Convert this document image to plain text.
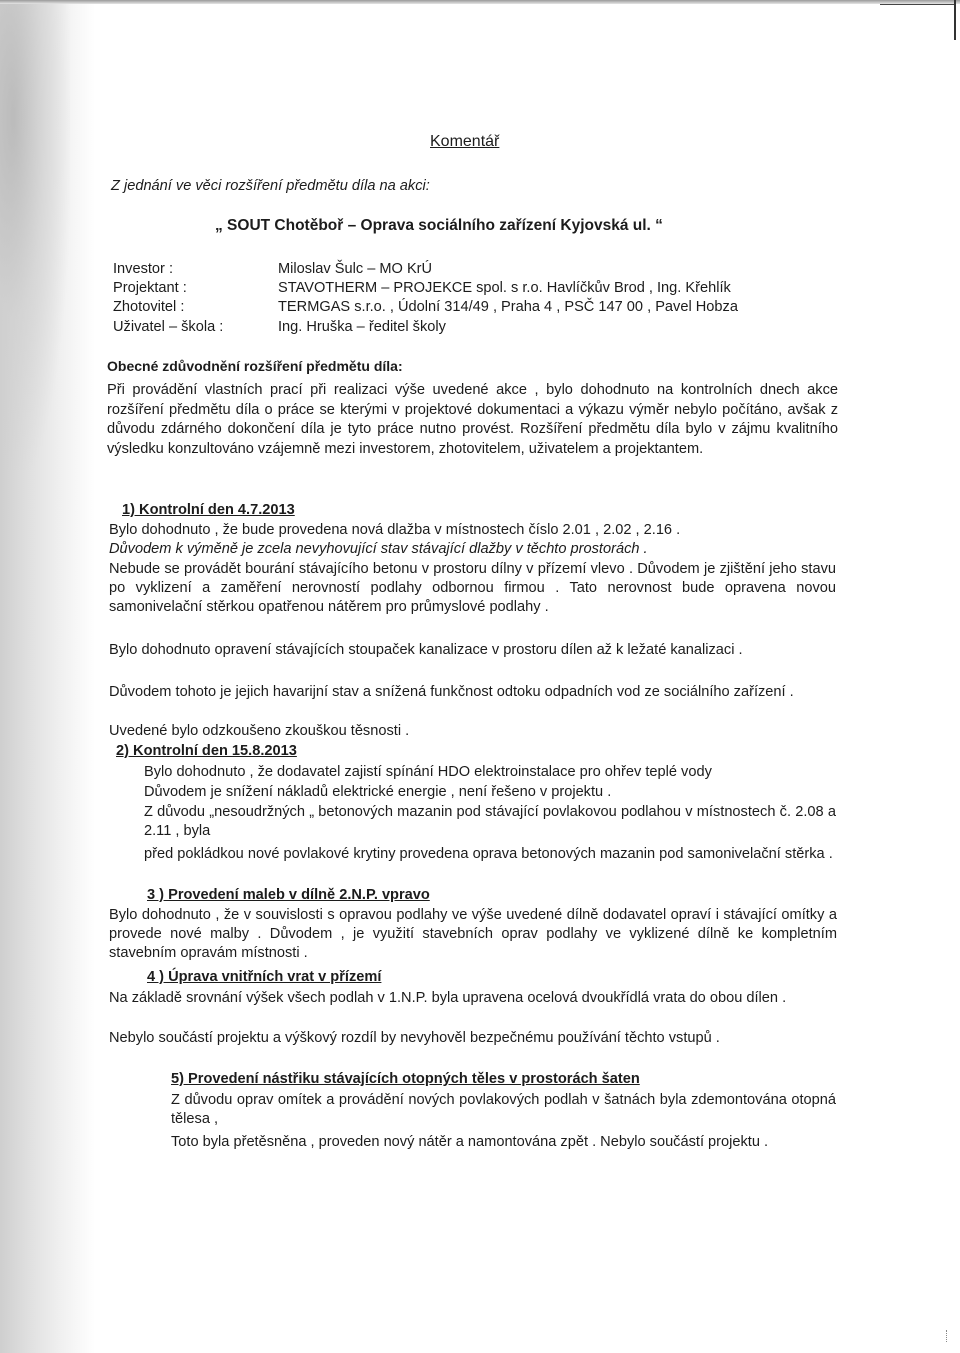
Komentář
Z jednání ve věci rozšíření předmětu díla na akci:
„ SOUT Chotěboř – Oprava sociálního zařízení Kyjovská ul. “
Investor :	Miloslav Šulc – MO KrÚ
Projektant :	STAVOTHERM – PROJEKCE spol. s r.o. Havlíčkův Brod , Ing. Křehlík
Zhotovitel :	TERMGAS s.r.o. , Údolní 314/49 , Praha 4 , PSČ 147 00 , Pavel Hobza
Uživatel – škola :	Ing. Hruška – ředitel školy
Obecné zdůvodnění rozšíření předmětu díla:
Při provádění vlastních prací při realizaci výše uvedené akce , bylo dohodnuto na kontrolních dnech akce rozšíření předmětu díla o práce se kterými v projektové dokumentaci a výkazu výměr nebylo počítáno, avšak z důvodu zdárného dokončení díla je tyto práce nutno provést. Rozšíření předmětu díla bylo v zájmu kvalitního výsledku konzultováno vzájemně mezi investorem, zhotovitelem, uživatelem a projektantem.
1) Kontrolní den 4.7.2013
Bylo dohodnuto , že bude provedena nová dlažba v místnostech číslo 2.01 , 2.02 , 2.16 .
Důvodem k výměně je zcela nevyhovující stav stávající dlažby v těchto prostorách .
Nebude se provádět bourání stávajícího betonu v prostoru dílny v přízemí vlevo . Důvodem je zjištění jeho stavu po vyklizení a zaměření nerovností podlahy odbornou firmou . Tato nerovnost bude opravena novou samonivelační stěrkou opatřenou nátěrem pro průmyslové podlahy .
Bylo dohodnuto opravení stávajících stoupaček kanalizace v prostoru dílen až k ležaté kanalizaci .
Důvodem tohoto je jejich havarijní stav a snížená funkčnost odtoku odpadních vod ze sociálního zařízení .
Uvedené bylo odzkoušeno zkouškou těsnosti .
2) Kontrolní den 15.8.2013
Bylo dohodnuto , že dodavatel zajistí spínání HDO elektroinstalace pro ohřev teplé vody
Důvodem je snížení nákladů elektrické energie , není řešeno v projektu .
Z důvodu „nesoudržných „ betonových mazanin pod stávající povlakovou podlahou v místnostech č. 2.08 a 2.11 , byla
před pokládkou nové povlakové krytiny provedena oprava betonových mazanin pod samonivelační stěrka .
3 ) Provedení maleb v dílně 2.N.P. vpravo
Bylo dohodnuto , že v souvislosti s opravou podlahy ve výše uvedené dílně dodavatel opraví i stávající omítky a provede nové malby . Důvodem , je využití stavebních oprav podlahy ve vyklizené dílně ke kompletním stavebním opravám místnosti .
4 ) Úprava vnitřních vrat v přízemí
Na základě srovnání výšek všech podlah v 1.N.P. byla upravena ocelová dvoukřídlá vrata do obou dílen .
Nebylo součástí projektu a výškový rozdíl by nevyhověl bezpečnému používání těchto vstupů .
5) Provedení nástřiku stávajících otopných těles v prostorách šaten
Z důvodu oprav omítek a provádění nových povlakových podlah v šatnách byla zdemontována otopná tělesa ,
Toto byla přetěsněna , proveden nový nátěr a namontována zpět . Nebylo součástí projektu .
